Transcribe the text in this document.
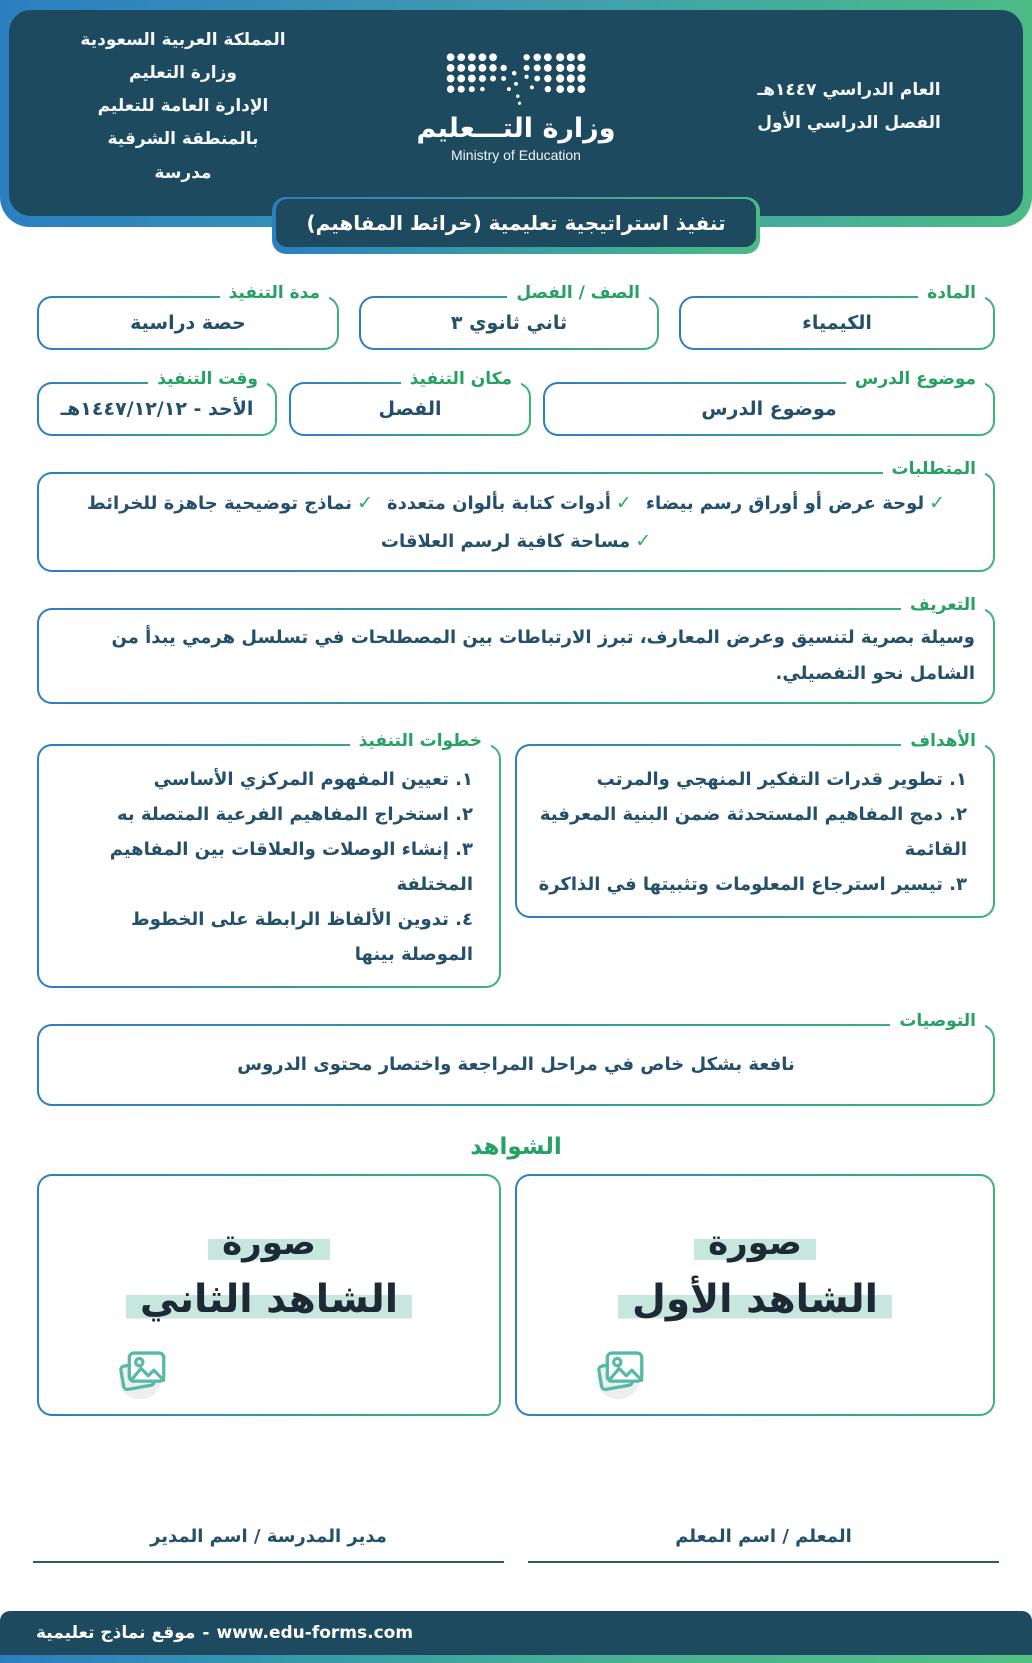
العام الدراسي ١٤٤٧هـ
الفصل الدراسي الأول
وزارة التـــعليم
Ministry of Education
المملكة العربية السعودية
وزارة التعليم
الإدارة العامة للتعليم
بالمنطقة الشرقية
مدرسة
تنفيذ استراتيجية تعليمية (خرائط المفاهيم)
المادة
الكيمياء
الصف / الفصل
ثاني ثانوي ٣
مدة التنفيذ
حصة دراسية
موضوع الدرس
موضوع الدرس
مكان التنفيذ
الفصل
وقت التنفيذ
الأحد - ١٤٤٧/١٢/١٢هـ
المتطلبات
✓لوحة عرض أو أوراق رسم بيضاء
✓أدوات كتابة بألوان متعددة
✓نماذج توضيحية جاهزة للخرائط
✓مساحة كافية لرسم العلاقات
التعريف
وسيلة بصرية لتنسيق وعرض المعارف، تبرز الارتباطات بين المصطلحات في تسلسل هرمي يبدأ من الشامل نحو التفصيلي.
الأهداف
١. تطوير قدرات التفكير المنهجي والمرتب
٢. دمج المفاهيم المستحدثة ضمن البنية المعرفية القائمة
٣. تيسير استرجاع المعلومات وتثبيتها في الذاكرة
خطوات التنفيذ
١. تعيين المفهوم المركزي الأساسي
٢. استخراج المفاهيم الفرعية المتصلة به
٣. إنشاء الوصلات والعلاقات بين المفاهيم المختلفة
٤. تدوين الألفاظ الرابطة على الخطوط الموصلة بينها
التوصيات
نافعة بشكل خاص في مراحل المراجعة واختصار محتوى الدروس
الشواهد
صورة
الشاهد الأول
صورة
الشاهد الثاني
المعلم / اسم المعلم
مدير المدرسة / اسم المدير
موقع نماذج تعليمية - www.edu-forms.com
